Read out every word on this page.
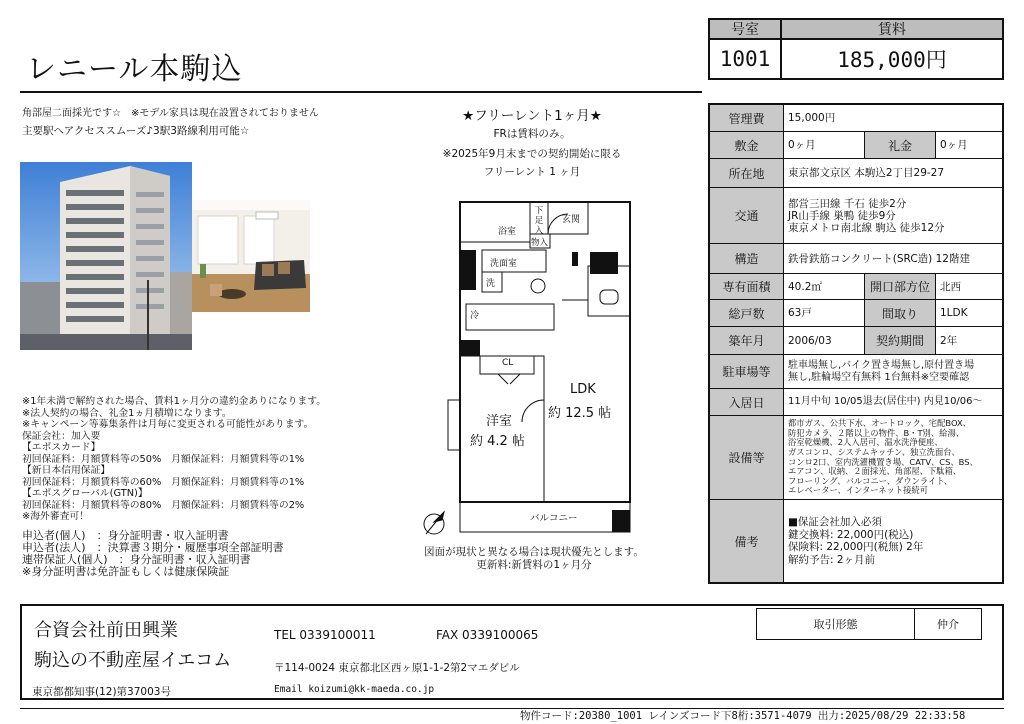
レニール本駒込
号室	賃料
1001	185,000円
角部屋二面採光です☆　※モデル家具は現在設置されておりません
主要駅へアクセススムーズ♪3駅3路線利用可能☆
★フリーレント1ヶ月★
FRは賃料のみ。
※2025年9月末までの契約開始に限る
フリーレント 1 ヶ月
浴室
下足入
玄関
物入
洗面室
洗
冷
CL
洋室
約 4.2 帖
LDK
約 12.5 帖
バルコニー
図面が現状と異なる場合は現状優先とします。
更新料:新賃料の1ヶ月分
※1年未満で解約された場合、賃料1ヶ月分の違約金ありになります。
※法人契約の場合、礼金1ヵ月積増になります。
※キャンペーン等募集条件は月毎に変更される可能性があります。
保証会社：加入要
【エポスカード】
初回保証料：月額賃料等の50%　月額保証料：月額賃料等の1%
【新日本信用保証】
初回保証料：月額賃料等の60%　月額保証料：月額賃料等の1%
【エポスグローバル(GTN)】
初回保証料：月額賃料等の80%　月額保証料：月額賃料等の2%
※海外審査可！
申込者(個人)　：身分証明書・収入証明書
申込者(法人)　：決算書３期分・履歴事項全部証明書
連帯保証人(個人)　：身分証明書・収入証明書
※身分証明書は免許証もしくは健康保険証
管理費	15,000円
敷金	0ヶ月	礼金	0ヶ月
所在地	東京都文京区 本駒込2丁目29-27
交通
都営三田線 千石 徒歩2分
JR山手線 巣鴨 徒歩9分
東京メトロ南北線 駒込 徒歩12分
構造	鉄骨鉄筋コンクリート(SRC造) 12階建
専有面積	40.2㎡	開口部方位 北西
総戸数	63戸	間取り	1LDK
築年月	2006/03	契約期間	2年
駐車場等	駐車場無し,バイク置き場無し,原付置き場
無し,駐輪場空有無料 1台無料※空要確認
入居日	11月中旬 10/05退去(居住中) 内見10/06～
設備等
都市ガス、公共下水、オートロック、宅配BOX、
防犯カメラ、２階以上の物件、B・T別、給湯、
浴室乾燥機、2人入居可、温水洗浄便座、
ガスコンロ、システムキッチン、独立洗面台、
コンロ2口、室内洗濯機置き場、CATV、CS、BS、
エアコン、収納、２面採光、角部屋、下駄箱、
フローリング、バルコニー、ダウンライト、
エレベーター、インターネット接続可
備考
■保証会社加入必須
鍵交換料: 22,000円(税込)
保険料: 22,000円(税無) 2年
解約予告: 2ヶ月前
合資会社前田興業
駒込の不動産屋イエコム
東京都都知事(12)第37003号
TEL 0339100011	FAX 0339100065
〒114-0024 東京都北区西ヶ原1-1-2第2マエダビル
Email koizumi@kk-maeda.co.jp
取引形態	仲介
物件コード:20380_1001 レインズコード下8桁:3571-4079 出力:2025/08/29 22:33:58
